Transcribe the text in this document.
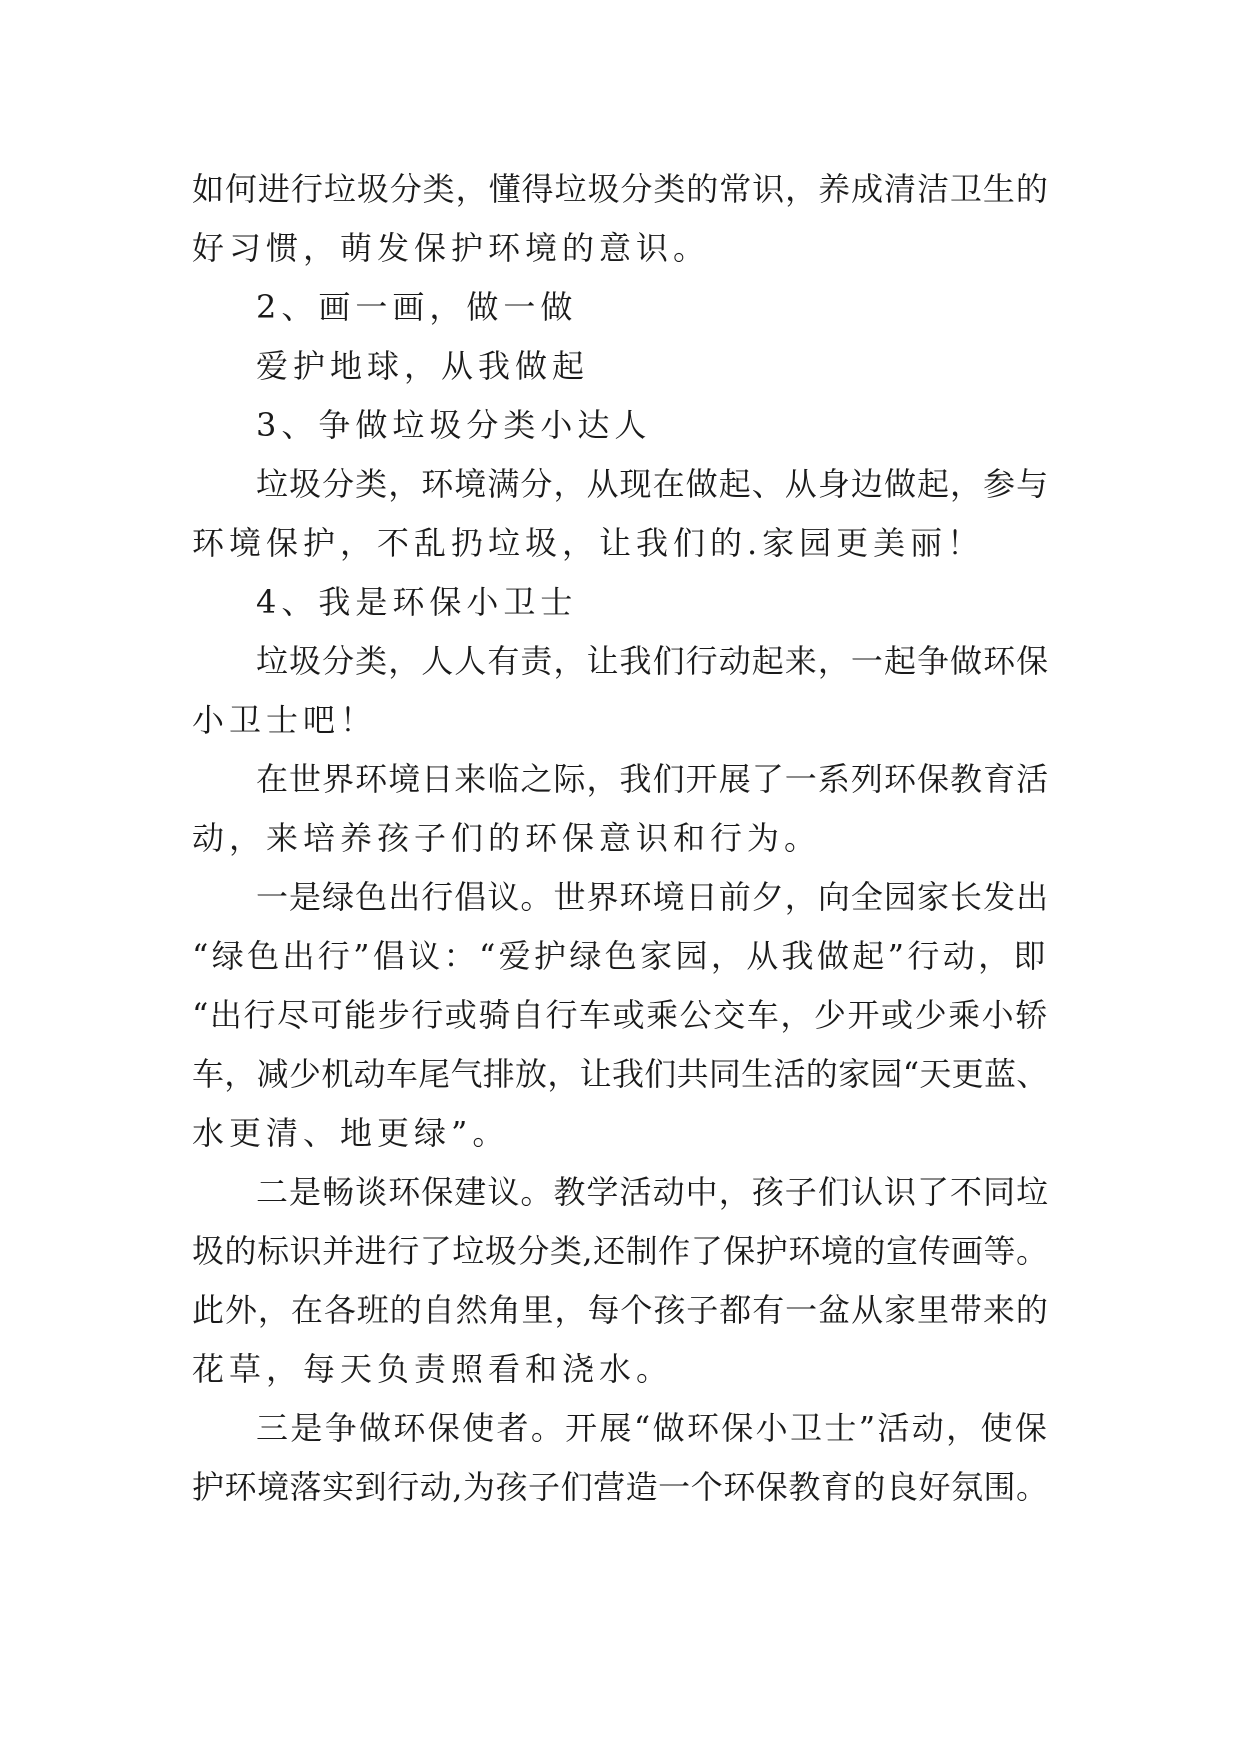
如何进行垃圾分类，懂得垃圾分类的常识，养成清洁卫生的
好习惯，萌发保护环境的意识。

2、画一画，做一做

爱护地球，从我做起

3、争做垃圾分类小达人

垃圾分类，环境满分，从现在做起、从身边做起，参与
环境保护，不乱扔垃圾，让我们的.家园更美丽！

4、我是环保小卫士

垃圾分类，人人有责，让我们行动起来，一起争做环保
小卫士吧！

在世界环境日来临之际，我们开展了一系列环保教育活
动，来培养孩子们的环保意识和行为。

一是绿色出行倡议。世界环境日前夕，向全园家长发出
“绿色出行”倡议：“爱护绿色家园，从我做起”行动，即
“出行尽可能步行或骑自行车或乘公交车，少开或少乘小轿
车，减少机动车尾气排放，让我们共同生活的家园“天更蓝、
水更清、地更绿”。

二是畅谈环保建议。教学活动中，孩子们认识了不同垃
圾的标识并进行了垃圾分类,还制作了保护环境的宣传画等。
此外，在各班的自然角里，每个孩子都有一盆从家里带来的
花草，每天负责照看和浇水。

三是争做环保使者。开展“做环保小卫士”活动，使保
护环境落实到行动,为孩子们营造一个环保教育的良好氛围。
